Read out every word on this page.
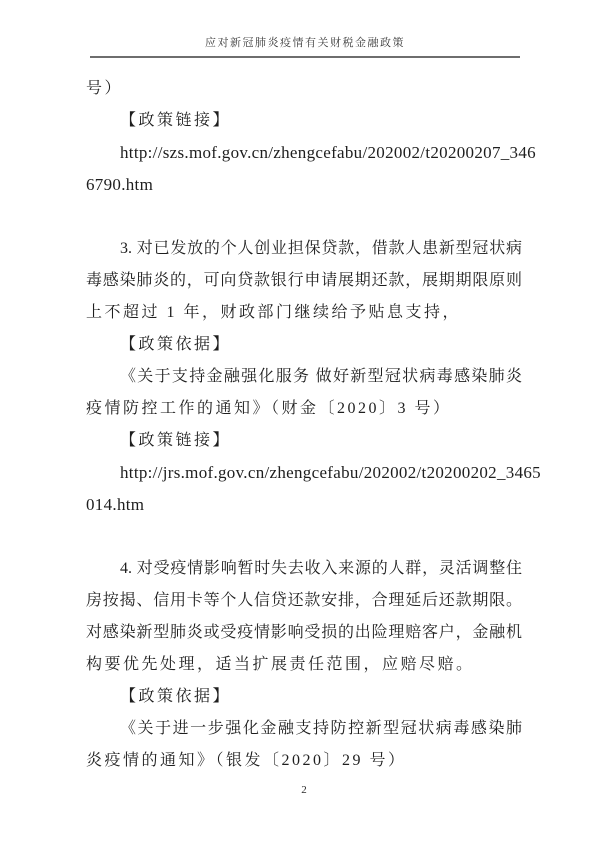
应对新冠肺炎疫情有关财税金融政策
号）
【政策链接】
http://szs.mof.gov.cn/zhengcefabu/202002/t20200207_346
6790.htm
3. 对已发放的个人创业担保贷款，借款人患新型冠状病
毒感染肺炎的，可向贷款银行申请展期还款，展期期限原则
上不超过 1 年，财政部门继续给予贴息支持，
【政策依据】
《关于支持金融强化服务 做好新型冠状病毒感染肺炎
疫情防控工作的通知》（财金〔2020〕3 号）
【政策链接】
http://jrs.mof.gov.cn/zhengcefabu/202002/t20200202_3465
014.htm
4. 对受疫情影响暂时失去收入来源的人群，灵活调整住
房按揭、信用卡等个人信贷还款安排，合理延后还款期限。
对感染新型肺炎或受疫情影响受损的出险理赔客户，金融机
构要优先处理，适当扩展责任范围，应赔尽赔。
【政策依据】
《关于进一步强化金融支持防控新型冠状病毒感染肺
炎疫情的通知》（银发〔2020〕29 号）
2
